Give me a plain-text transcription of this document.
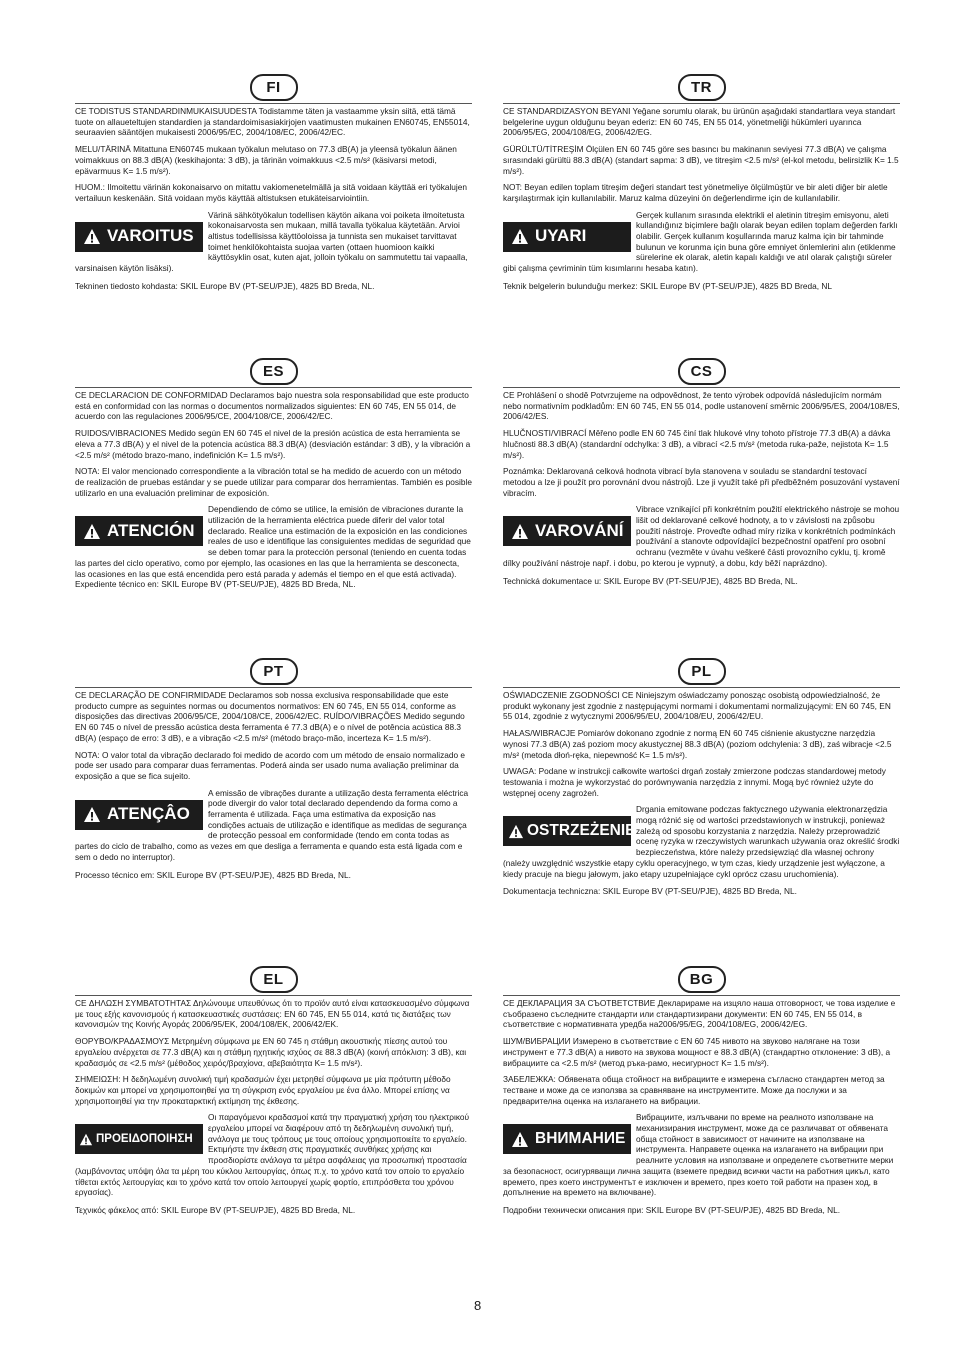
FI

CE TODISTUS STANDARDINMUKAISUUDESTA Todistamme täten ja vastaamme yksin siitä, että tämä tuote on allaueteltujen standardien ja standardoimisasiakirjojen vaatimusten mukainen EN60745, EN55014, seuraavien sääntöjen mukaisesti 2006/95/EC, 2004/108/EC, 2006/42/EC.

MELU/TÄRINÄ Mitattuna EN60745 mukaan työkalun melutaso on 77.3 dB(A) ja yleensä työkalun äänen voimakkuus on 88.3 dB(A) (keskihajonta: 3 dB), ja tärinän voimakkuus <2.5 m/s² (käsivarsi metodi, epävarmuus K= 1.5 m/s²).

HUOM.: Ilmoitettu värinän kokonaisarvo on mitattu vakiomenetelmällä ja sitä voidaan käyttää eri työkalujen vertailuun keskenään. Sitä voidaan myös käyttää altistuksen etukäteisarviointiin.

VAROITUS
Värinä sähkötyökalun todellisen käytön aikana voi poiketa ilmoitetusta kokonaisarvosta sen mukaan, millä tavalla työkalua käytetään. Arvioi altistus todellisissa käyttöoloissa ja tunnista sen mukaiset tarvittavat toimet henkilökohtaista suojaa varten (ottaen huomioon kaikki käyttösyklin osat, kuten ajat, jolloin työkalu on sammutettu tai vapaalla, varsinaisen käytön lisäksi).

Tekninen tiedosto kohdasta: SKIL Europe BV (PT-SEU/PJE), 4825 BD Breda, NL.

ES

CE DECLARACION DE CONFORMIDAD Declaramos bajo nuestra sola responsabilidad que este producto está en conformidad con las normas o documentos normalizados siguientes: EN 60 745, EN 55 014, de acuerdo con las regulaciones 2006/95/CE, 2004/108/CE, 2006/42/EC.

RUIDOS/VIBRACIONES Medido según EN 60 745 el nivel de la presión acústica de esta herramienta se eleva a 77.3 dB(A) y el nivel de la potencia acústica 88.3 dB(A) (desviación estándar: 3 dB), y la vibración a <2.5 m/s² (método brazo-mano, indefinición K= 1.5 m/s²).

NOTA: El valor mencionado correspondiente a la vibración total se ha medido de acuerdo con un método de realización de pruebas estándar y se puede utilizar para comparar dos herramientas. También es posible utilizarlo en una evaluación preliminar de exposición.

ATENCIÓN
Dependiendo de cómo se utilice, la emisión de vibraciones durante la utilización de la herramienta eléctrica puede diferir del valor total declarado. Realice una estimación de la exposición en las condiciones reales de uso e identifique las consiguientes medidas de seguridad que se deben tomar para la protección personal (teniendo en cuenta todas las partes del ciclo operativo, como por ejemplo, las ocasiones en las que la herramienta se desconecta, las ocasiones en las que está encendida pero está parada y además el tiempo en el que está activada).

Expediente técnico en: SKIL Europe BV (PT-SEU/PJE), 4825 BD Breda, NL.

PT

CE DECLARAÇÃO DE CONFIRMIDADE Declaramos sob nossa exclusiva responsabilidade que este producto cumpre as seguintes normas ou documentos normativos: EN 60 745, EN 55 014, conforme as disposições das directivas 2006/95/CE, 2004/108/CE, 2006/42/EC. RUÍDO/VIBRAÇÕES Medido segundo EN 60 745 o nível de pressão acústica desta ferramenta é 77.3 dB(A) e o nível de potência acústica 88.3 dB(A) (espaço de erro: 3 dB), e a vibração <2.5 m/s² (método braço-mão, incerteza K= 1.5 m/s²).

NOTA: O valor total da vibração declarado foi medido de acordo com um método de ensaio normalizado e pode ser usado para comparar duas ferramentas. Poderá ainda ser usado numa avaliação preliminar da exposição a que se fica sujeito.

ATENÇÂO
A emissão de vibrações durante a utilização desta ferramenta eléctrica pode divergir do valor total declarado dependendo da forma como a ferramenta é utilizada. Faça uma estimativa da exposição nas condições actuais de utilização e identifique as medidas de segurança de protecção pessoal em conformidade (tendo em conta todas as partes do ciclo de trabalho, como as vezes em que desliga a ferramenta e quando esta está ligada com e sem o dedo no interruptor).

Processo técnico em: SKIL Europe BV (PT-SEU/PJE), 4825 BD Breda, NL.

EL

CE ΔΗΛΩΣΗ ΣΥΜΒΑΤΟΤΗΤΑΣ Δηλώνουμε υπευθύνως ότι το προϊόν αυτό είναι κατασκευασμένο σύμφωνα με τους εξής κανονισμούς ή κατασκευαστικές συστάσεις: EN 60 745, EN 55 014, κατά τις διατάξεις των κανονισμών της Κοινής Αγοράς 2006/95/ΕΚ, 2004/108/ΕΚ, 2006/42/ΕΚ.

ΘΟΡΥΒΟ/ΚΡΑΔΑΣΜΟΥΣ Μετρημένη σύμφωνα με EN 60 745 η στάθμη ακουστικής πίεσης αυτού του εργαλείου ανέρχεται σε 77.3 dB(A) και η στάθμη ηχητικής ισχύος σε 88.3 dB(A) (κοινή απόκλιση: 3 dB), και κραδασμός σε <2.5 m/s² (μέθοδος χειρός/βραχίονα, αβεβαιότητα K= 1.5 m/s²).

ΣΗΜΕΙΩΣΗ: Η δεδηλωμένη συνολική τιμή κραδασμών έχει μετρηθεί σύμφωνα με μία πρότυπη μέθοδο δοκιμών και μπορεί να χρησιμοποιηθεί για τη σύγκριση ενός εργαλείου με ένα άλλο. Μπορεί επίσης να χρησιμοποιηθεί για την προκαταρκτική εκτίμηση της έκθεσης.

ΠΡΟΕΙΔΟΠΟΙΗΣΗ
Οι παραγόμενοι κραδασμοί κατά την πραγματική χρήση του ηλεκτρικού εργαλείου μπορεί να διαφέρουν από τη δεδηλωμένη συνολική τιμή, ανάλογα με τους τρόπους με τους οποίους χρησιμοποιείτε το εργαλείο. Εκτιμήστε την έκθεση στις πραγματικές συνθήκες χρήσης και προσδιορίστε ανάλογα τα μέτρα ασφάλειας για προσωπική προστασία (λαμβάνοντας υπόψη όλα τα μέρη του κύκλου λειτουργίας, όπως π.χ. το χρόνο κατά τον οποίο το εργαλείο τίθεται εκτός λειτουργίας και το χρόνο κατά τον οποίο λειτουργεί χωρίς φορτίο, επιπρόσθετα του χρόνου εργασίας).

Τεχνικός φάκελος από: SKIL Europe BV (PT-SEU/PJE), 4825 BD Breda, NL.

TR

CE STANDARDIZASYON BEYANI Yeğane sorumlu olarak, bu ürünün aşağıdaki standartlara veya standart belgelerine uygun olduğunu beyan ederiz: EN 60 745, EN 55 014, yönetmeliği hükümleri uyarınca 2006/95/EG, 2004/108/EG, 2006/42/EG.

GÜRÜLTÜ/TİTREŞİM Ölçülen EN 60 745 göre ses basıncı bu makinanın seviyesi 77.3 dB(A) ve çalışma sırasındaki gürültü 88.3 dB(A) (standart sapma: 3 dB), ve titreşim <2.5 m/s² (el-kol metodu, belirsizlik K= 1.5 m/s²).

NOT: Beyan edilen toplam titreşim değeri standart test yönetmeliye ölçülmüştür ve bir aleti diğer bir aletle karşılaştırmak için kullanılabilir. Maruz kalma düzeyini ön değerlendirme için de kullanılabilir.

UYARI
Gerçek kullanım sırasında elektrikli el aletinin titreşim emisyonu, aleti kullandığınız biçimlere bağlı olarak beyan edilen toplam değerden farklı olabilir. Gerçek kullanım koşullarında maruz kalma için bir tahminde bulunun ve korunma için buna göre emniyet önlemlerini alın (etiklenme sürelerine ek olarak, aletin kapalı kaldığı ve atıl olarak çalıştığı süreler gibi çalışma çevriminin tüm kısımlarını hesaba katın).

Teknik belgelerin bulunduğu merkez: SKIL Europe BV (PT-SEU/PJE), 4825 BD Breda, NL

CS

CE Prohlášení o shodě Potvrzujeme na odpovědnost, že tento výrobek odpovídá následujícím normám nebo normativním podkladům: EN 60 745, EN 55 014, podle ustanovení směrnic 2006/95/ES, 2004/108/ES, 2006/42/ES.

HLUČNOSTI/VIBRACÍ Měřeno podle EN 60 745 činí tlak hlukové vlny tohoto přístroje 77.3 dB(A) a dávka hlučnosti 88.3 dB(A) (standardní odchylka: 3 dB), a vibrací <2.5 m/s² (metoda ruka-paže, nejistota K= 1.5 m/s²).

Poznámka: Deklarovaná celková hodnota vibrací byla stanovena v souladu se standardní testovací metodou a lze ji použít pro porovnání dvou nástrojů. Lze ji využít také při předběžném posuzování vystavení vibracím.

VAROVÁNÍ
Vibrace vznikající při konkrétním použití elektrického nástroje se mohou lišit od deklarované celkové hodnoty, a to v závislosti na způsobu použití nástroje. Proveďte odhad míry rizika v konkrétních podmínkách používání a stanovte odpovídající bezpečnostní opatření pro osobní ochranu (vezměte v úvahu veškeré části provozního cyklu, tj. kromě dílky používání nástroje např. i dobu, po kterou je vypnutý, a dobu, kdy běží naprázdno).

Technická dokumentace u: SKIL Europe BV (PT-SEU/PJE), 4825 BD Breda, NL.

PL

OŚWIADCZENIE ZGODNOŚCI CE Niniejszym oświadczamy ponosząc osobistą odpowiedzialność, że produkt wykonany jest zgodnie z następującymi normami i dokumentami normalizującymi: EN 60 745, EN 55 014, zgodnie z wytycznymi 2006/95/EU, 2004/108/EU, 2006/42/EU.

HAŁAS/WIBRACJE Pomiarów dokonano zgodnie z normą EN 60 745 ciśnienie akustyczne narzędzia wynosi 77.3 dB(A) zaś poziom mocy akustycznej 88.3 dB(A) (poziom odchylenia: 3 dB), zaś wibracje <2.5 m/s² (metoda dłoń-ręka, niepewność K= 1.5 m/s²).

UWAGA: Podane w instrukcji całkowite wartości drgań zostały zmierzone podczas standardowej metody testowania i można je wykorzystać do porównywania narzędzia z innymi. Mogą być również użyte do wstępnej oceny zagrożeń.

OSTRZEŻENIE
Drgania emitowane podczas faktycznego używania elektronarzędzia mogą różnić się od wartości przedstawionych w instrukcji, ponieważ zależą od sposobu korzystania z narzędzia. Należy przeprowadzić ocenę ryzyka w rzeczywistych warunkach używania oraz określić środki bezpieczeństwa, które należy przedsięwziąć dla własnej ochrony (należy uwzględnić wszystkie etapy cyklu operacyjnego, w tym czas, kiedy urządzenie jest wyłączone, a kiedy pracuje na biegu jałowym, jako etapy uzupełniające cykl oprócz czasu uruchomienia).

Dokumentacja techniczna: SKIL Europe BV (PT-SEU/PJE), 4825 BD Breda, NL.

BG

CE ДЕКЛАРАЦИЯ ЗА СЪОТВЕТСТВИЕ Декларираме на изцяло наша отговорност, че това изделие е съобразено съследните стандарти или стандартизирани документи: EN 60 745, EN 55 014, в съответствие с нормативната уредба на2006/95/EG, 2004/108/EG, 2006/42/EG.

ШУМ/ВИБРАЦИИ Измерено в съответствие с EN 60 745 нивото на звуково налягане на този инструмент е 77.3 dB(A) а нивото на звукова мощност е 88.3 dB(A) (стандартно отклонение: 3 dB), а вибрациите са <2.5 m/s² (метод ръка-рамо, несигурност K= 1.5 m/s²).

ЗАБЕЛЕЖКА: Обявената обща стойност на вибрациите е измерена съгласно стандартен метод за тестване и може да се използва за сравняване на инструментите. Може да послужи и за предварителна оценка на излагането на вибрации.

ВНИМАНИЕ
Вибрациите, излъчвани по време на реалното използване на механизирания инструмент, може да се различават от обявената обща стойност в зависимост от начините на използване на инструмента. Направете оценка на излагането на вибрации при реалните условия на използване и определете съответните мерки за безопасност, осигуряващи лична защита (вземете предвид всички части на работния цикъл, като времето, през което инструментът е изключен и времето, през което той работи на празен ход, в допълнение на времето на включване).

Подробни технически описания при: SKIL Europe BV (PT-SEU/PJE), 4825 BD Breda, NL.

8
